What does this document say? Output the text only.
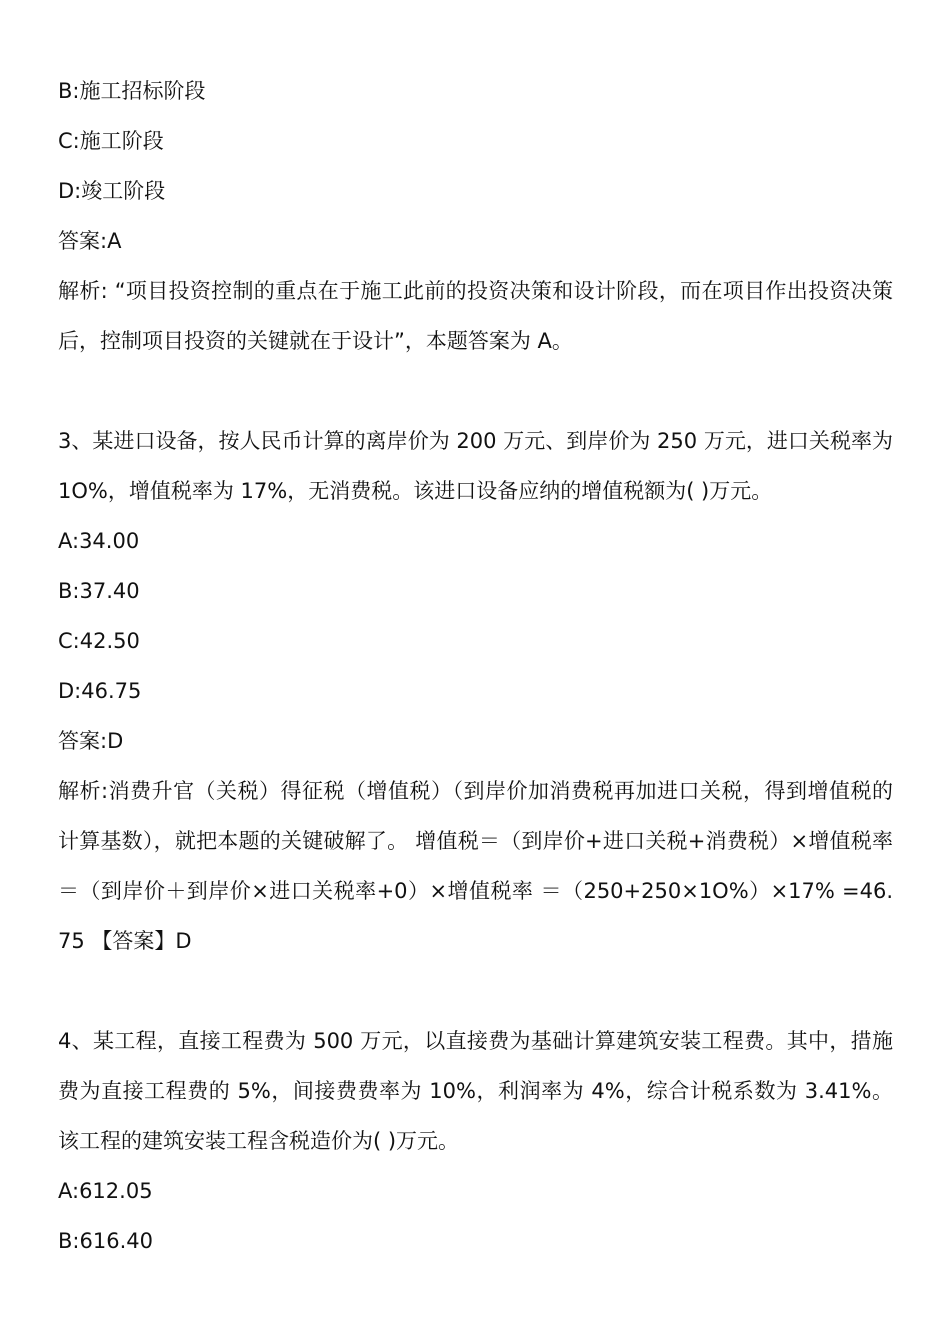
B:施工招标阶段

C:施工阶段

D:竣工阶段

答案:A

解析: “项目投资控制的重点在于施工此前的投资决策和设计阶段，而在项目作出投资决策后，控制项目投资的关键就在于设计”，本题答案为 A。

3、某进口设备，按人民币计算的离岸价为 200 万元、到岸价为 250 万元，进口关税率为 1O%，增值税率为 17%，无消费税。该进口设备应纳的增值税额为( )万元。

A:34.00

B:37.40

C:42.50

D:46.75

答案:D

解析:消费升官（关税）得征税（增值税）（到岸价加消费税再加进口关税，得到增值税的计算基数），就把本题的关键破解了。 增值税＝（到岸价+进口关税+消费税）×增值税率 ＝（到岸价＋到岸价×进口关税率+0）×增值税率 ＝（250+250×1O%）×17% =46.75 【答案】D

4、某工程，直接工程费为 500 万元，以直接费为基础计算建筑安装工程费。其中，措施费为直接工程费的 5%，间接费费率为 10%，利润率为 4%，综合计税系数为 3.41%。该工程的建筑安装工程含税造价为( )万元。

A:612.05

B:616.40
